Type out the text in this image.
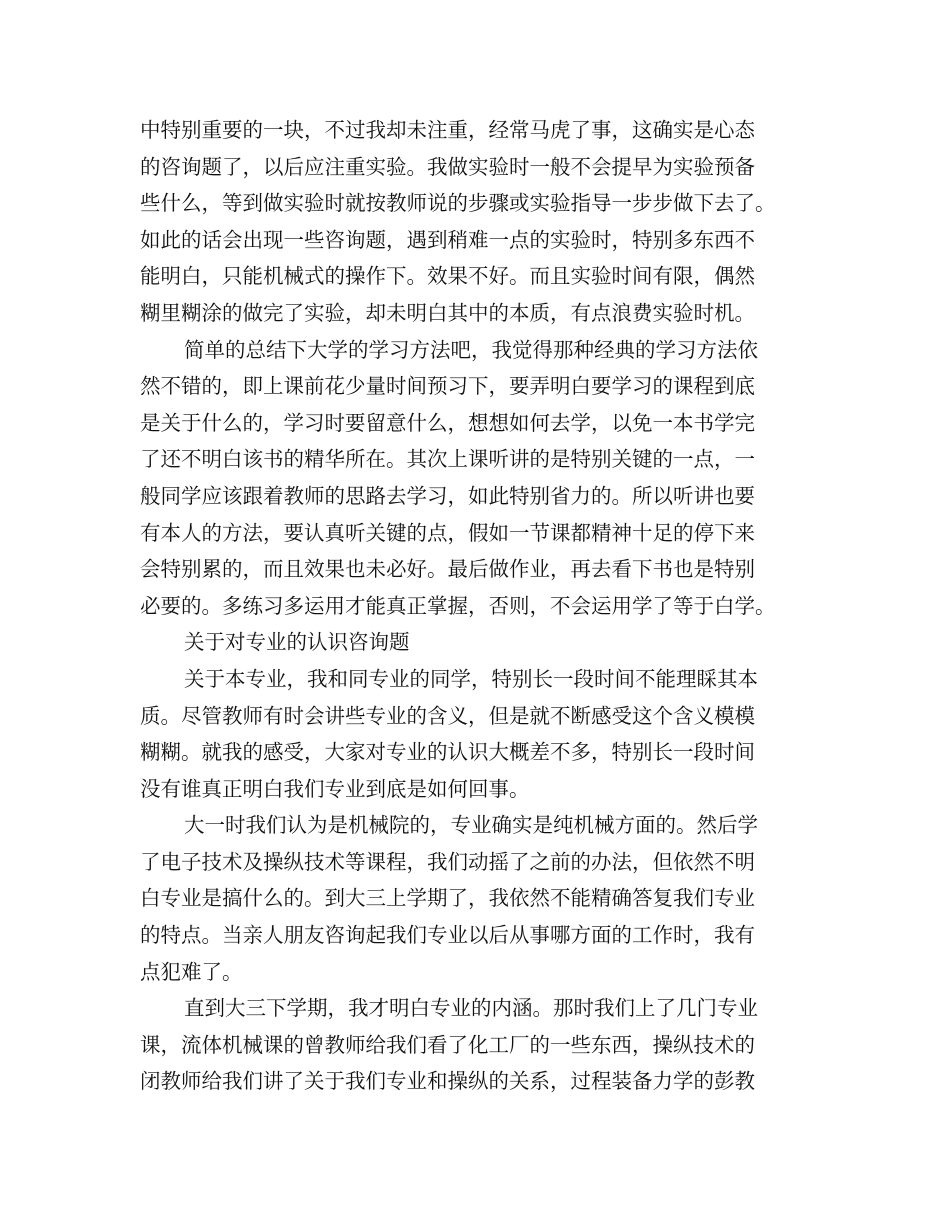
中特别重要的一块，不过我却未注重，经常马虎了事，这确实是心态
的咨询题了，以后应注重实验。我做实验时一般不会提早为实验预备
些什么，等到做实验时就按教师说的步骤或实验指导一步步做下去了。
如此的话会出现一些咨询题，遇到稍难一点的实验时，特别多东西不
能明白，只能机械式的操作下。效果不好。而且实验时间有限，偶然
糊里糊涂的做完了实验，却未明白其中的本质，有点浪费实验时机。
简单的总结下大学的学习方法吧，我觉得那种经典的学习方法依
然不错的，即上课前花少量时间预习下，要弄明白要学习的课程到底
是关于什么的，学习时要留意什么，想想如何去学，以免一本书学完
了还不明白该书的精华所在。其次上课听讲的是特别关键的一点，一
般同学应该跟着教师的思路去学习，如此特别省力的。所以听讲也要
有本人的方法，要认真听关键的点，假如一节课都精神十足的停下来
会特别累的，而且效果也未必好。最后做作业，再去看下书也是特别
必要的。多练习多运用才能真正掌握，否则，不会运用学了等于白学。
关于对专业的认识咨询题
关于本专业，我和同专业的同学，特别长一段时间不能理睬其本
质。尽管教师有时会讲些专业的含义，但是就不断感受这个含义模模
糊糊。就我的感受，大家对专业的认识大概差不多，特别长一段时间
没有谁真正明白我们专业到底是如何回事。
大一时我们认为是机械院的，专业确实是纯机械方面的。然后学
了电子技术及操纵技术等课程，我们动摇了之前的办法，但依然不明
白专业是搞什么的。到大三上学期了，我依然不能精确答复我们专业
的特点。当亲人朋友咨询起我们专业以后从事哪方面的工作时，我有
点犯难了。
直到大三下学期，我才明白专业的内涵。那时我们上了几门专业
课，流体机械课的曾教师给我们看了化工厂的一些东西，操纵技术的
闭教师给我们讲了关于我们专业和操纵的关系，过程装备力学的彭教
